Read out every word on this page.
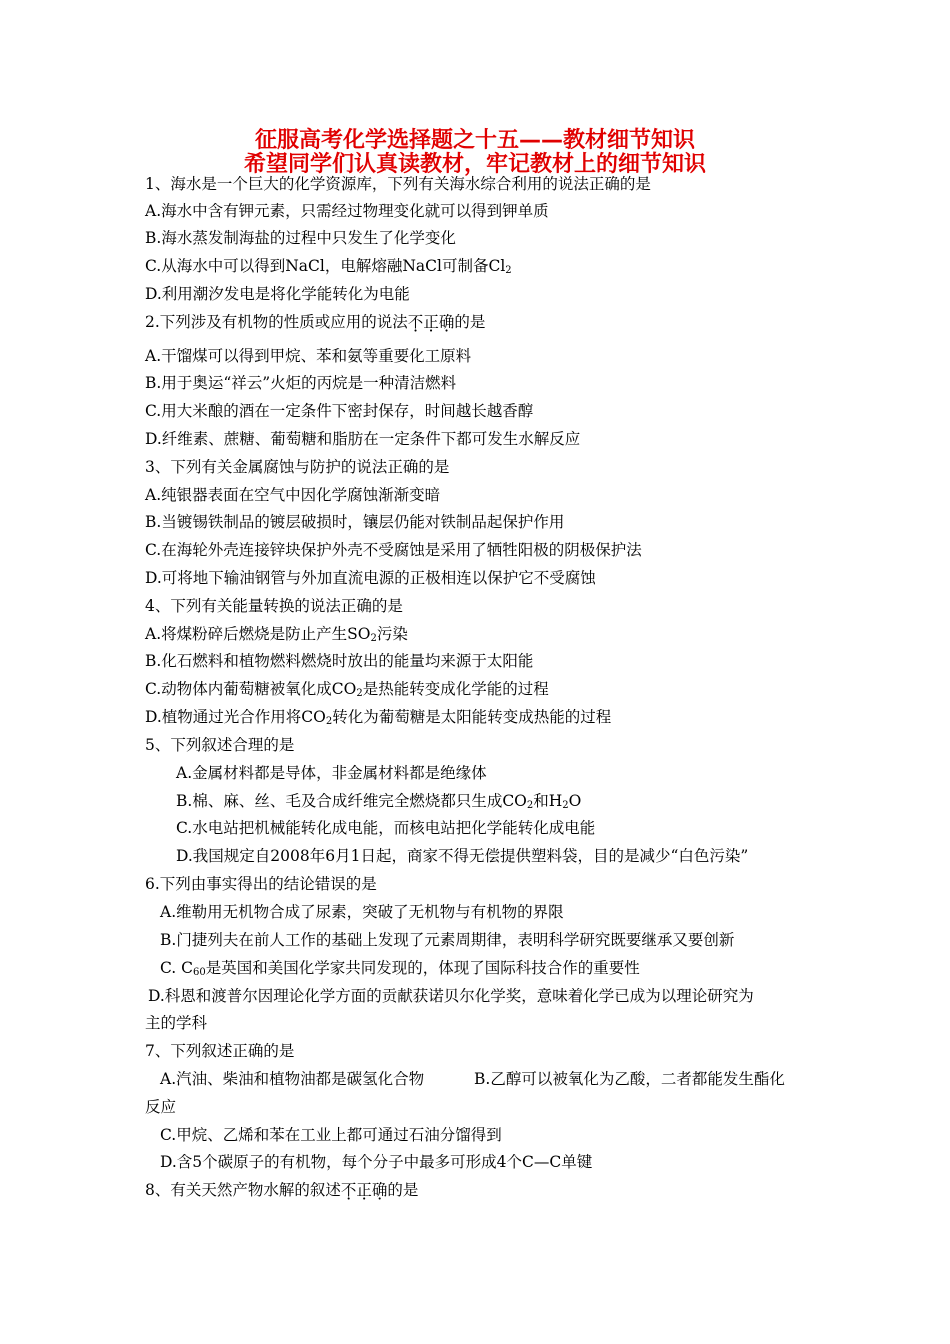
征服高考化学选择题之十五——教材细节知识
希望同学们认真读教材，牢记教材上的细节知识
1、海水是一个巨大的化学资源库，下列有关海水综合利用的说法正确的是
A.海水中含有钾元素，只需经过物理变化就可以得到钾单质
B.海水蒸发制海盐的过程中只发生了化学变化
C.从海水中可以得到NaCl，电解熔融NaCl可制备$Cl_2$
D.利用潮汐发电是将化学能转化为电能
2.下列涉及有机物的性质或应用的说法不正确的是
A.干馏煤可以得到甲烷、苯和氨等重要化工原料
B.用于奥运“祥云”火炬的丙烷是一种清洁燃料
C.用大米酿的酒在一定条件下密封保存，时间越长越香醇
D.纤维素、蔗糖、葡萄糖和脂肪在一定条件下都可发生水解反应
3、下列有关金属腐蚀与防护的说法正确的是
A.纯银器表面在空气中因化学腐蚀渐渐变暗
B.当镀锡铁制品的镀层破损时，镶层仍能对铁制品起保护作用
C.在海轮外壳连接锌块保护外壳不受腐蚀是采用了牺牲阳极的阴极保护法
D.可将地下输油钢管与外加直流电源的正极相连以保护它不受腐蚀
4、下列有关能量转换的说法正确的是
A.将煤粉碎后燃烧是防止产生$SO_2$污染
B.化石燃料和植物燃料燃烧时放出的能量均来源于太阳能
C.动物体内葡萄糖被氧化成$CO_2$是热能转变成化学能的过程
D.植物通过光合作用将$CO_2$转化为葡萄糖是太阳能转变成热能的过程
5、下列叙述合理的是
A.金属材料都是导体，非金属材料都是绝缘体
B.棉、麻、丝、毛及合成纤维完全燃烧都只生成$CO_2$和$H_2O$
C.水电站把机械能转化成电能，而核电站把化学能转化成电能
D.我国规定自2008年6月1日起，商家不得无偿提供塑料袋，目的是减少“白色污染”
6.下列由事实得出的结论错误的是
A.维勒用无机物合成了尿素，突破了无机物与有机物的界限
B.门捷列夫在前人工作的基础上发现了元素周期律，表明科学研究既要继承又要创新
C. $C_{60}$是英国和美国化学家共同发现的，体现了国际科技合作的重要性
D.科恩和渡普尔因理论化学方面的贡献获诺贝尔化学奖，意味着化学已成为以理论研究为
主的学科
7、下列叙述正确的是
A.汽油、柴油和植物油都是碳氢化合物	B.乙醇可以被氧化为乙酸，二者都能发生酯化
反应
C.甲烷、乙烯和苯在工业上都可通过石油分馏得到
D.含5个碳原子的有机物，每个分子中最多可形成4个C—C单键
8、有关天然产物水解的叙述不正确的是
